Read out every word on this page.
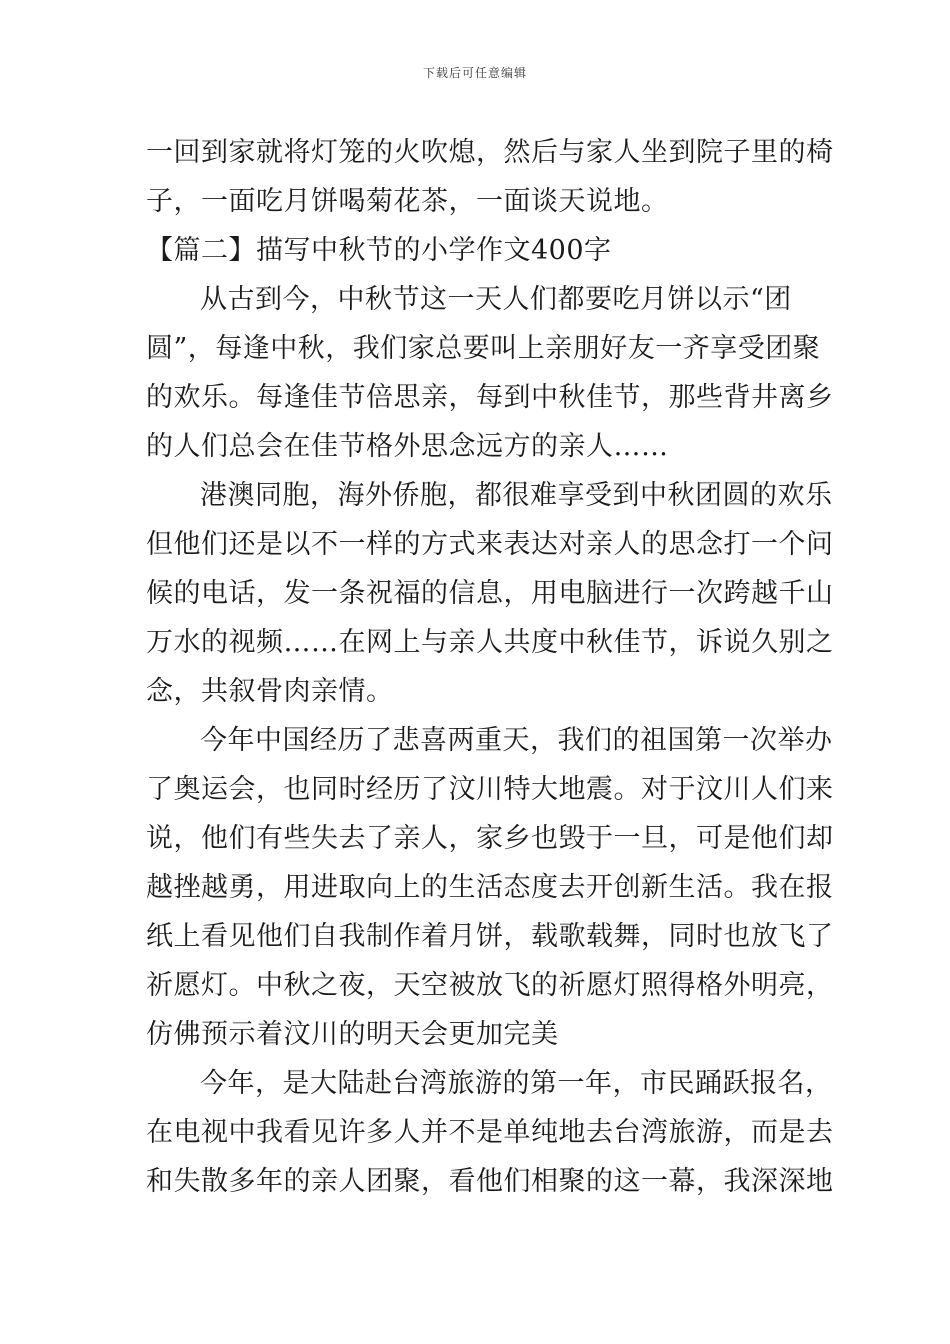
下载后可任意编辑
一回到家就将灯笼的火吹熄，然后与家人坐到院子里的椅
子，一面吃月饼喝菊花茶，一面谈天说地。
【篇二】描写中秋节的小学作文400字
从古到今，中秋节这一天人们都要吃月饼以示“团
圆”，每逢中秋，我们家总要叫上亲朋好友一齐享受团聚
的欢乐。每逢佳节倍思亲，每到中秋佳节，那些背井离乡
的人们总会在佳节格外思念远方的亲人……
港澳同胞，海外侨胞，都很难享受到中秋团圆的欢乐
但他们还是以不一样的方式来表达对亲人的思念打一个问
候的电话，发一条祝福的信息，用电脑进行一次跨越千山
万水的视频……在网上与亲人共度中秋佳节，诉说久别之
念，共叙骨肉亲情。
今年中国经历了悲喜两重天，我们的祖国第一次举办
了奥运会，也同时经历了汶川特大地震。对于汶川人们来
说，他们有些失去了亲人，家乡也毁于一旦，可是他们却
越挫越勇，用进取向上的生活态度去开创新生活。我在报
纸上看见他们自我制作着月饼，载歌载舞，同时也放飞了
祈愿灯。中秋之夜，天空被放飞的祈愿灯照得格外明亮，
仿佛预示着汶川的明天会更加完美
今年，是大陆赴台湾旅游的第一年，市民踊跃报名，
在电视中我看见许多人并不是单纯地去台湾旅游，而是去
和失散多年的亲人团聚，看他们相聚的这一幕，我深深地
